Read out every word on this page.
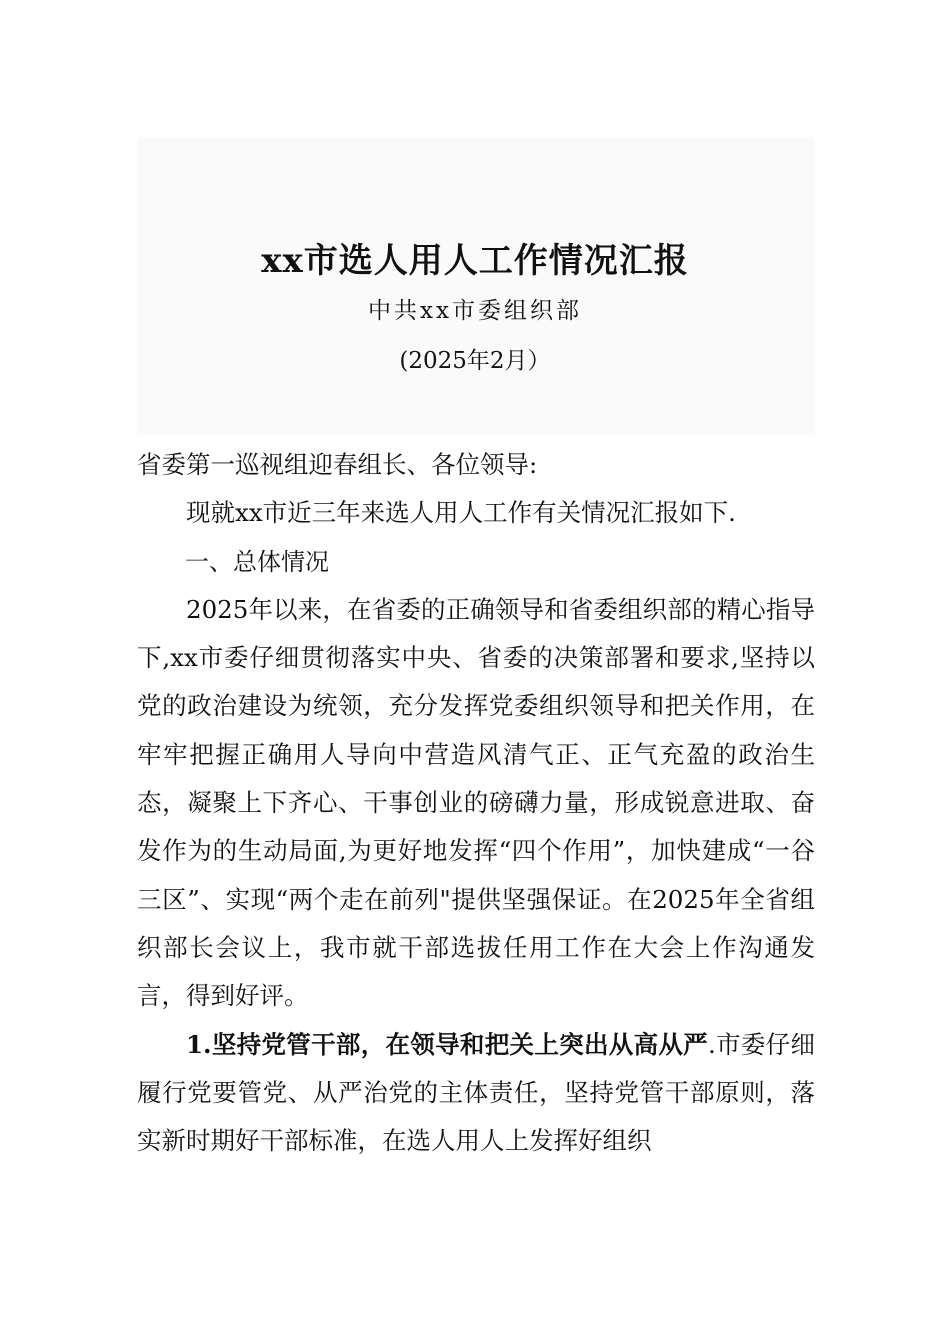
xx市选人用人工作情况汇报
中共xx市委组织部
(2025年2月）

省委第一巡视组迎春组长、各位领导:

现就xx市近三年来选人用人工作有关情况汇报如下.

一、总体情况

2025年以来，在省委的正确领导和省委组织部的精心指导下,xx市委仔细贯彻落实中央、省委的决策部署和要求,坚持以党的政治建设为统领，充分发挥党委组织领导和把关作用，在牢牢把握正确用人导向中营造风清气正、正气充盈的政治生态，凝聚上下齐心、干事创业的磅礴力量，形成锐意进取、奋发作为的生动局面,为更好地发挥“四个作用”，加快建成“一谷三区”、实现“两个走在前列"提供坚强保证。在2025年全省组织部长会议上，我市就干部选拔任用工作在大会上作沟通发言，得到好评。

1.坚持党管干部，在领导和把关上突出从高从严.市委仔细履行党要管党、从严治党的主体责任，坚持党管干部原则，落实新时期好干部标准，在选人用人上发挥好组织
